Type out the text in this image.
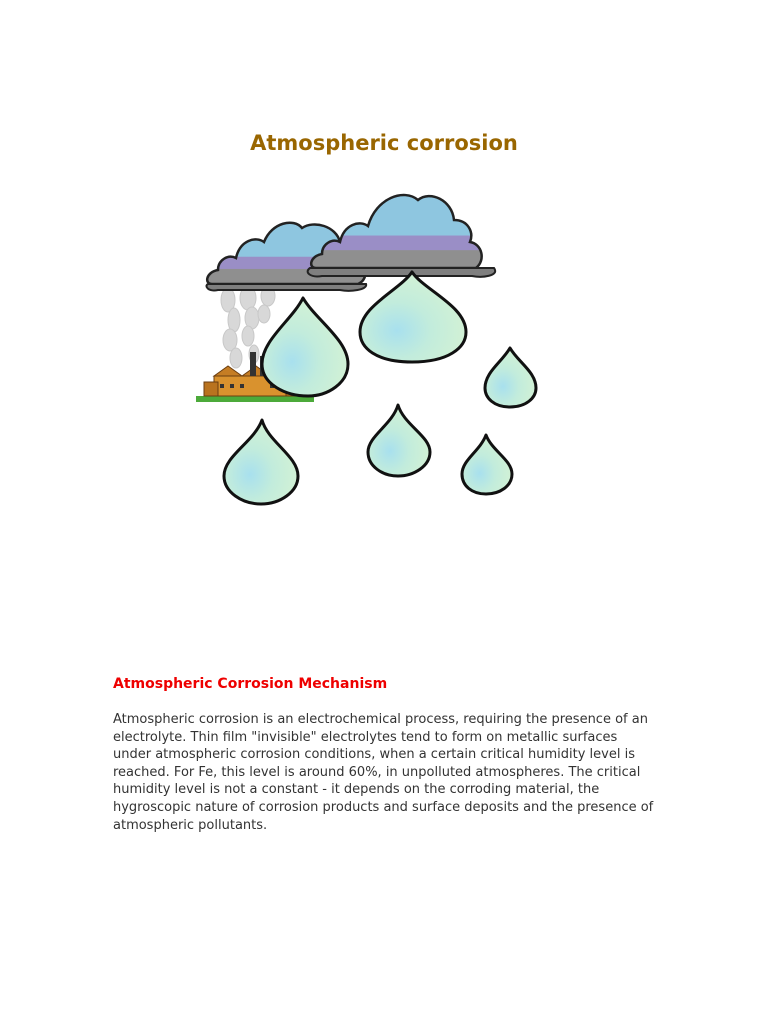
Atmospheric corrosion
Atmospheric Corrosion Mechanism

Atmospheric corrosion is an electrochemical process, requiring the presence of an electrolyte. Thin film "invisible" electrolytes tend to form on metallic surfaces under atmospheric corrosion conditions, when a certain critical humidity level is reached. For Fe, this level is around 60%, in unpolluted atmospheres. The critical humidity level is not a constant - it depends on the corroding material, the hygroscopic nature of corrosion products and surface deposits and the presence of atmospheric pollutants.
